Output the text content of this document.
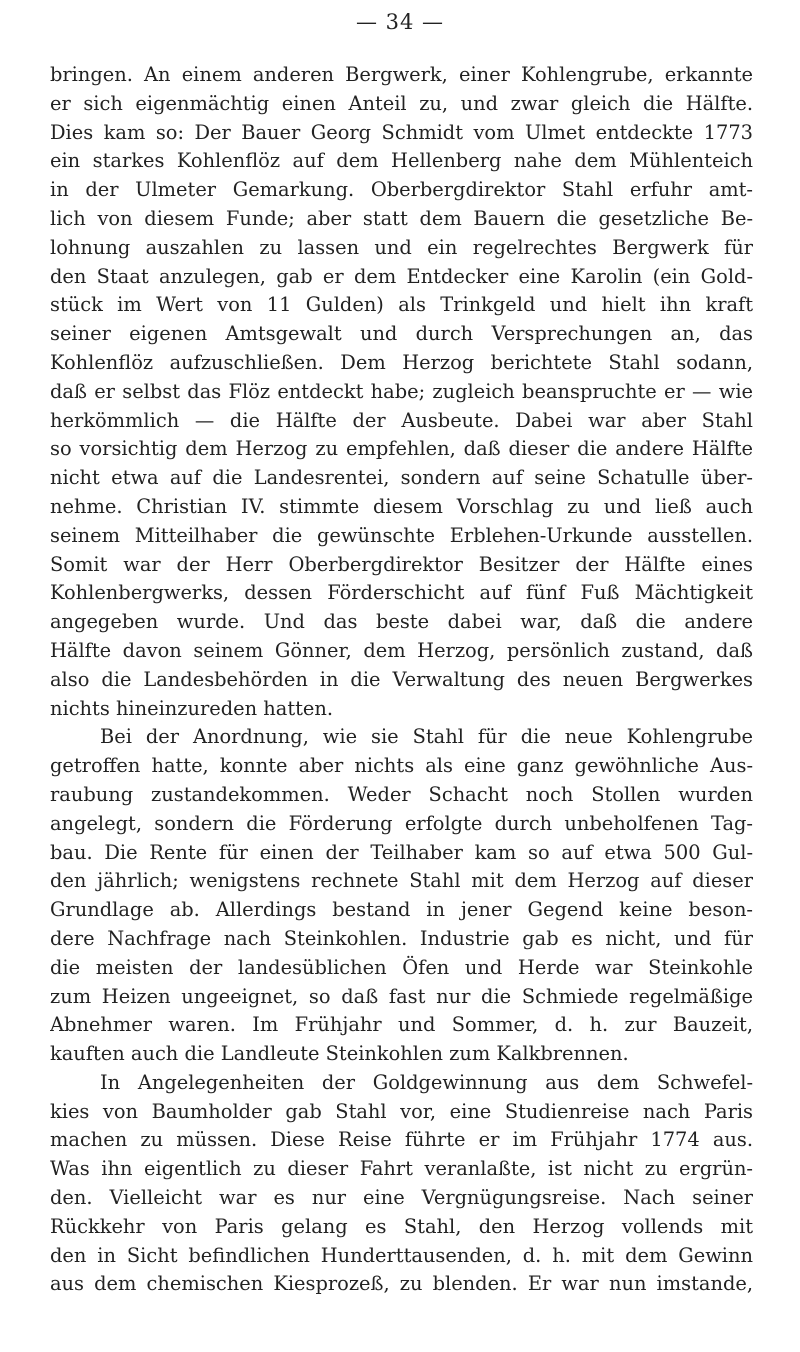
— 34 —
bringen. An einem anderen Bergwerk, einer Kohlengrube, erkannte
er sich eigenmächtig einen Anteil zu, und zwar gleich die Hälfte.
Dies kam so: Der Bauer Georg Schmidt vom Ulmet entdeckte 1773
ein starkes Kohlenflöz auf dem Hellenberg nahe dem Mühlenteich
in der Ulmeter Gemarkung. Oberbergdirektor Stahl erfuhr amt-
lich von diesem Funde; aber statt dem Bauern die gesetzliche Be-
lohnung auszahlen zu lassen und ein regelrechtes Bergwerk für
den Staat anzulegen, gab er dem Entdecker eine Karolin (ein Gold-
stück im Wert von 11 Gulden) als Trinkgeld und hielt ihn kraft
seiner eigenen Amtsgewalt und durch Versprechungen an, das
Kohlenflöz aufzuschließen. Dem Herzog berichtete Stahl sodann,
daß er selbst das Flöz entdeckt habe; zugleich beanspruchte er — wie
herkömmlich — die Hälfte der Ausbeute. Dabei war aber Stahl
so vorsichtig dem Herzog zu empfehlen, daß dieser die andere Hälfte
nicht etwa auf die Landesrentei, sondern auf seine Schatulle über-
nehme. Christian IV. stimmte diesem Vorschlag zu und ließ auch
seinem Mitteilhaber die gewünschte Erblehen-Urkunde ausstellen.
Somit war der Herr Oberbergdirektor Besitzer der Hälfte eines
Kohlenbergwerks, dessen Förderschicht auf fünf Fuß Mächtigkeit
angegeben wurde. Und das beste dabei war, daß die andere
Hälfte davon seinem Gönner, dem Herzog, persönlich zustand, daß
also die Landesbehörden in die Verwaltung des neuen Bergwerkes
nichts hineinzureden hatten.
Bei der Anordnung, wie sie Stahl für die neue Kohlengrube
getroffen hatte, konnte aber nichts als eine ganz gewöhnliche Aus-
raubung zustandekommen. Weder Schacht noch Stollen wurden
angelegt, sondern die Förderung erfolgte durch unbeholfenen Tag-
bau. Die Rente für einen der Teilhaber kam so auf etwa 500 Gul-
den jährlich; wenigstens rechnete Stahl mit dem Herzog auf dieser
Grundlage ab. Allerdings bestand in jener Gegend keine beson-
dere Nachfrage nach Steinkohlen. Industrie gab es nicht, und für
die meisten der landesüblichen Öfen und Herde war Steinkohle
zum Heizen ungeeignet, so daß fast nur die Schmiede regelmäßige
Abnehmer waren. Im Frühjahr und Sommer, d. h. zur Bauzeit,
kauften auch die Landleute Steinkohlen zum Kalkbrennen.
In Angelegenheiten der Goldgewinnung aus dem Schwefel-
kies von Baumholder gab Stahl vor, eine Studienreise nach Paris
machen zu müssen. Diese Reise führte er im Frühjahr 1774 aus.
Was ihn eigentlich zu dieser Fahrt veranlaßte, ist nicht zu ergrün-
den. Vielleicht war es nur eine Vergnügungsreise. Nach seiner
Rückkehr von Paris gelang es Stahl, den Herzog vollends mit
den in Sicht befindlichen Hunderttausenden, d. h. mit dem Gewinn
aus dem chemischen Kiesprozeß, zu blenden. Er war nun imstande,
